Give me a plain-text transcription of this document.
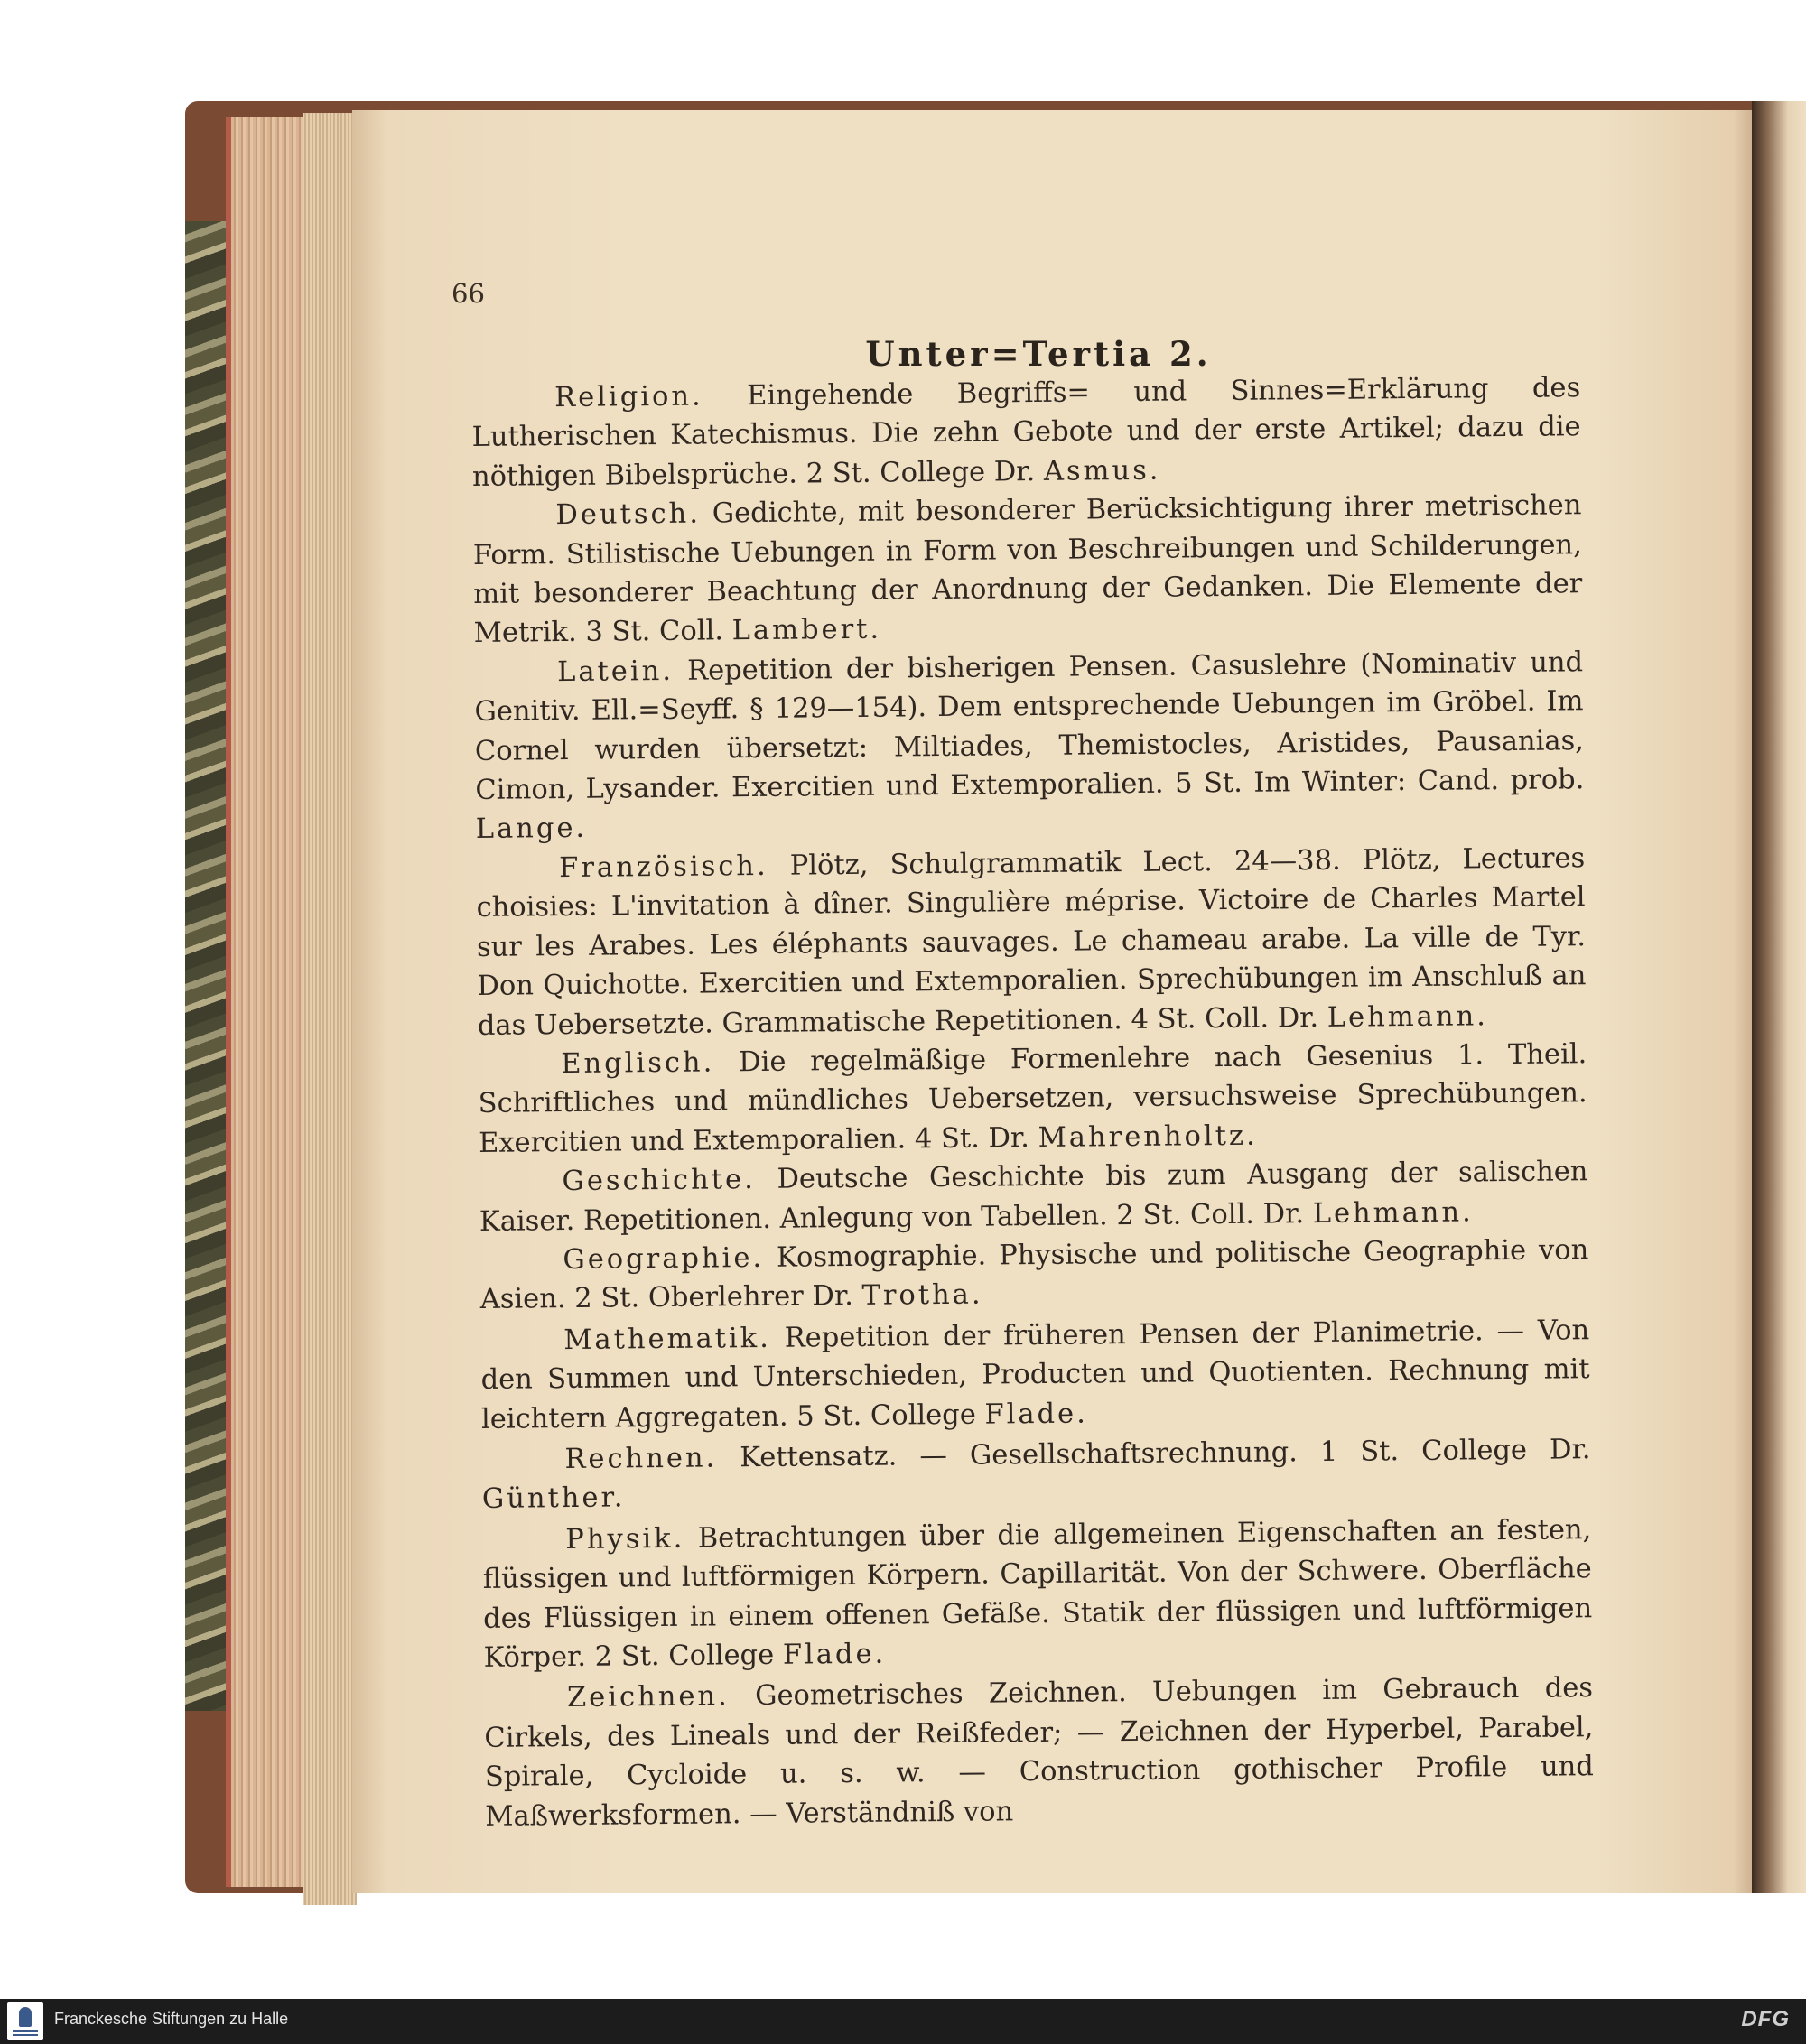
66
Unter=Tertia 2.

Religion. Eingehende Begriffs= und Sinnes=Erklärung des Lutherischen Katechismus. Die zehn Gebote und der erste Artikel; dazu die nöthigen Bibelsprüche. 2 St. College Dr. Asmus.

Deutsch. Gedichte, mit besonderer Berücksichtigung ihrer metrischen Form. Stilistische Uebungen in Form von Beschreibungen und Schilderungen, mit besonderer Beachtung der Anordnung der Gedanken. Die Elemente der Metrik. 3 St. Coll. Lambert.

Latein. Repetition der bisherigen Pensen. Casuslehre (Nominativ und Genitiv. Ell.=Seyff. § 129—154). Dem entsprechende Uebungen im Gröbel. Im Cornel wurden übersetzt: Miltiades, Themistocles, Aristides, Pausanias, Cimon, Lysander. Exercitien und Extemporalien. 5 St. Im Winter: Cand. prob. Lange.

Französisch. Plötz, Schulgrammatik Lect. 24—38. Plötz, Lectures choisies: L'invitation à dîner. Singulière méprise. Victoire de Charles Martel sur les Arabes. Les éléphants sauvages. Le chameau arabe. La ville de Tyr. Don Quichotte. Exercitien und Extemporalien. Sprechübungen im Anschluß an das Uebersetzte. Grammatische Repetitionen. 4 St. Coll. Dr. Lehmann.

Englisch. Die regelmäßige Formenlehre nach Gesenius 1. Theil. Schriftliches und mündliches Uebersetzen, versuchsweise Sprechübungen. Exercitien und Extemporalien. 4 St. Dr. Mahrenholtz.

Geschichte. Deutsche Geschichte bis zum Ausgang der salischen Kaiser. Repetitionen. Anlegung von Tabellen. 2 St. Coll. Dr. Lehmann.

Geographie. Kosmographie. Physische und politische Geographie von Asien. 2 St. Oberlehrer Dr. Trotha.

Mathematik. Repetition der früheren Pensen der Planimetrie. — Von den Summen und Unterschieden, Producten und Quotienten. Rechnung mit leichtern Aggregaten. 5 St. College Flade.

Rechnen. Kettensatz. — Gesellschaftsrechnung. 1 St. College Dr. Günther.

Physik. Betrachtungen über die allgemeinen Eigenschaften an festen, flüssigen und luftförmigen Körpern. Capillarität. Von der Schwere. Oberfläche des Flüssigen in einem offenen Gefäße. Statik der flüssigen und luftförmigen Körper. 2 St. College Flade.

Zeichnen. Geometrisches Zeichnen. Uebungen im Gebrauch des Cirkels, des Lineals und der Reißfeder; — Zeichnen der Hyperbel, Parabel, Spirale, Cycloide u. s. w. — Construction gothischer Profile und Maßwerksformen. — Verständniß von

Franckesche Stiftungen zu Halle	DFG
